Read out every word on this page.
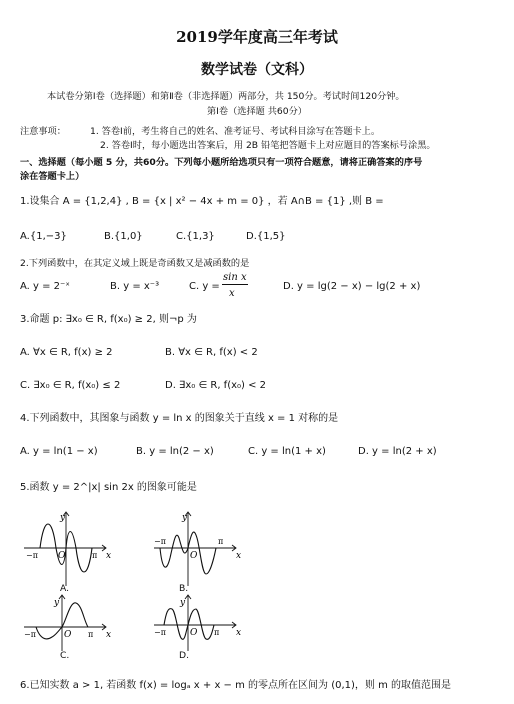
2019学年度高三年考试
数学试卷（文科）
本试卷分第Ⅰ卷（选择题）和第Ⅱ卷（非选择题）两部分，共 150分。考试时间120分钟。
第Ⅰ卷（选择题 共60分）
注意事项：	1. 答卷Ⅰ前，考生将自己的姓名、准考证号、考试科目涂写在答题卡上。
2. 答卷Ⅰ时，每小题选出答案后，用 2B 铅笔把答题卡上对应题目的答案标号涂黑。
一、选择题（每小题 5 分，共60分。下列每小题所给选项只有一项符合题意，请将正确答案的序号
涂在答题卡上）
1.设集合 A = {1,2,4} , B = {x | x² − 4x + m = 0} ，若 A∩B = {1} ,则 B =
A.{1,−3}	B.{1,0}	C.{1,3}	D.{1,5}
2.下列函数中，在其定义域上既是奇函数又是减函数的是
A. y = 2⁻ˣ	B. y = x⁻³	C. y =
sin x
x
D. y = lg(2 − x) − lg(2 + x)
3.命题 p: ∃x₀ ∈ R, f(x₀) ≥ 2, 则¬p 为
A. ∀x ∈ R, f(x) ≥ 2	B. ∀x ∈ R, f(x) < 2
C. ∃x₀ ∈ R, f(x₀) ≤ 2	D. ∃x₀ ∈ R, f(x₀) < 2
4.下列函数中，其图象与函数 y = ln x 的图象关于直线 x = 1 对称的是
A. y = ln(1 − x)	B. y = ln(2 − x)	C. y = ln(1 + x)	D. y = ln(2 + x)
5.函数 y = 2^|x| sin 2x 的图象可能是
y
x
O
−π	π
A.
y
x
O
−π	π
B.
y
x
O
−π	π
C.
y
x
O
−π	π
D.
6.已知实数 a > 1, 若函数 f(x) = logₐ x + x − m 的零点所在区间为 (0,1)，则 m 的取值范围是
